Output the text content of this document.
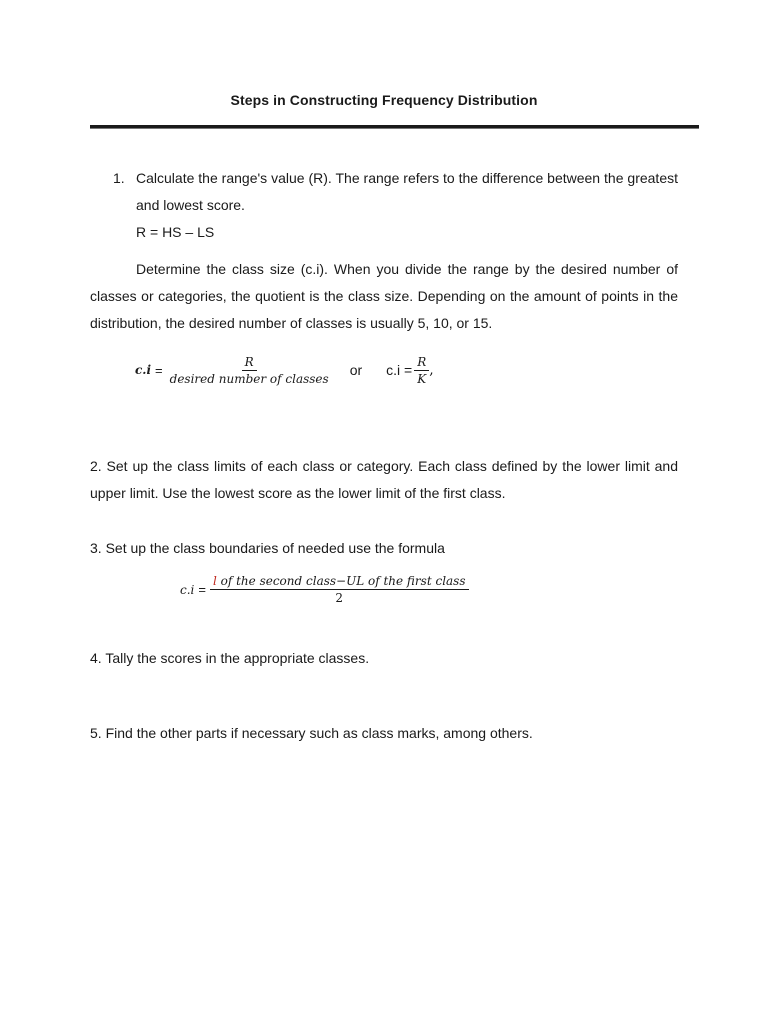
Steps in Constructing Frequency Distribution
1. Calculate the range's value (R). The range refers to the difference between the greatest and lowest score.
R = HS – LS
Determine the class size (c.i). When you divide the range by the desired number of classes or categories, the quotient is the class size. Depending on the amount of points in the distribution, the desired number of classes is usually 5, 10, or 15.
$c.i = \frac{R}{\text{desired number of classes}}$ or $c.i = \frac{R}{K}$ ,
2. Set up the class limits of each class or category. Each class defined by the lower limit and upper limit. Use the lowest score as the lower limit of the first class.
3. Set up the class boundaries of needed use the formula
$c.i = \frac{\text{l of the second class−UL of the first class}}{2}$
4. Tally the scores in the appropriate classes.
5. Find the other parts if necessary such as class marks, among others.
